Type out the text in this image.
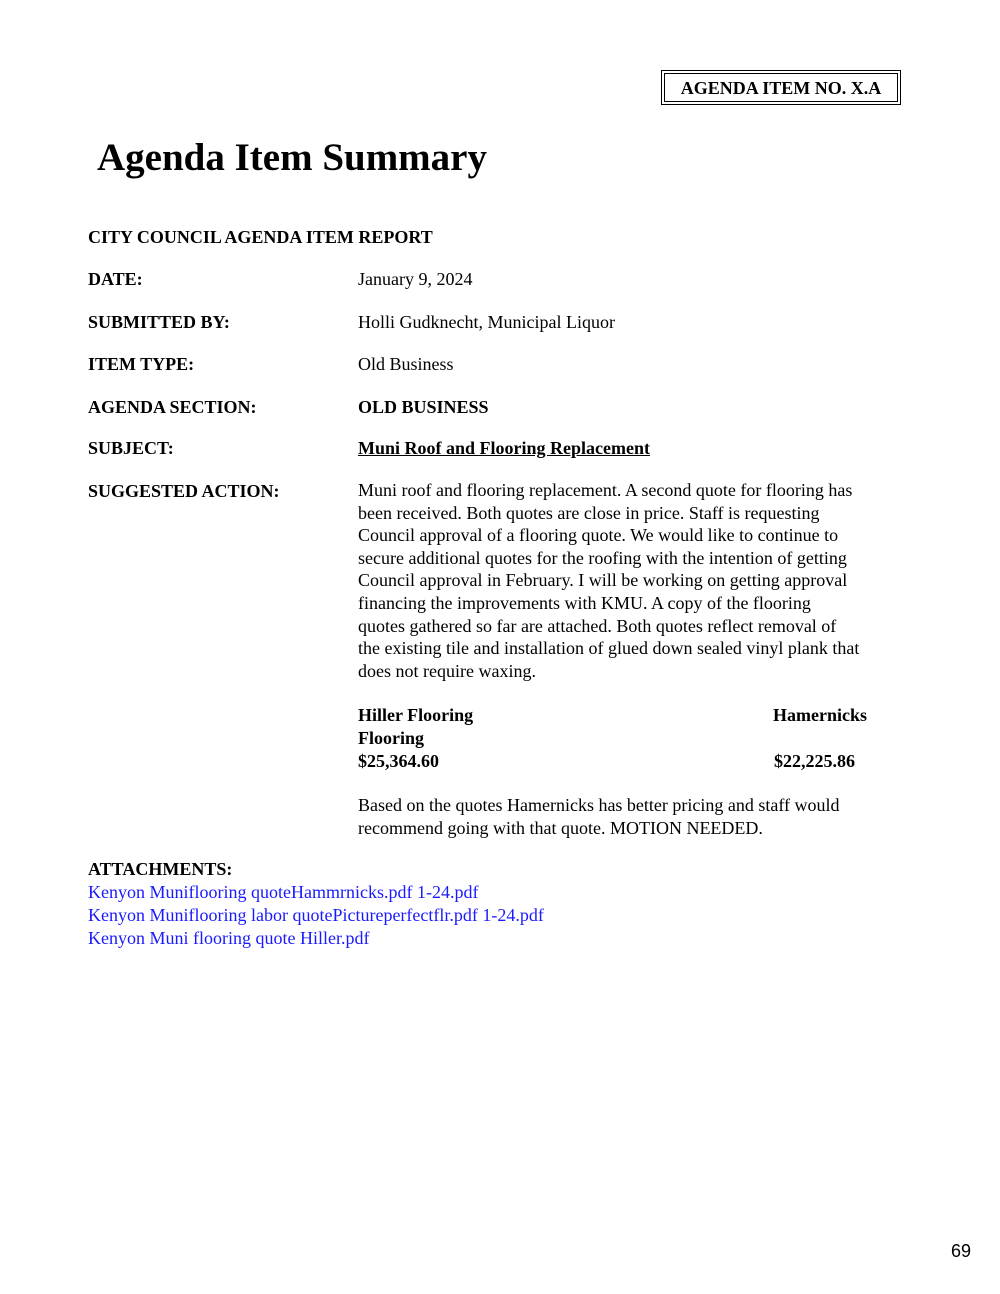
AGENDA ITEM NO. X.A
Agenda Item Summary
CITY COUNCIL AGENDA ITEM REPORT
DATE:	January 9, 2024
SUBMITTED BY:	Holli Gudknecht, Municipal Liquor
ITEM TYPE:	Old Business
AGENDA SECTION:	OLD BUSINESS
SUBJECT:	Muni Roof and Flooring Replacement
SUGGESTED ACTION:	Muni roof and flooring replacement. A second quote for flooring has
been received. Both quotes are close in price. Staff is requesting
Council approval of a flooring quote. We would like to continue to
secure additional quotes for the roofing with the intention of getting
Council approval in February. I will be working on getting approval
financing the improvements with KMU. A copy of the flooring
quotes gathered so far are attached. Both quotes reflect removal of
the existing tile and installation of glued down sealed vinyl plank that
does not require waxing.
Hiller Flooring	Hamernicks
Flooring
$25,364.60	$22,225.86
Based on the quotes Hamernicks has better pricing and staff would
recommend going with that quote. MOTION NEEDED.
ATTACHMENTS:
Kenyon Muniflooring quoteHammrnicks.pdf 1-24.pdf
Kenyon Muniflooring labor quotePictureperfectflr.pdf 1-24.pdf
Kenyon Muni flooring quote Hiller.pdf
69
